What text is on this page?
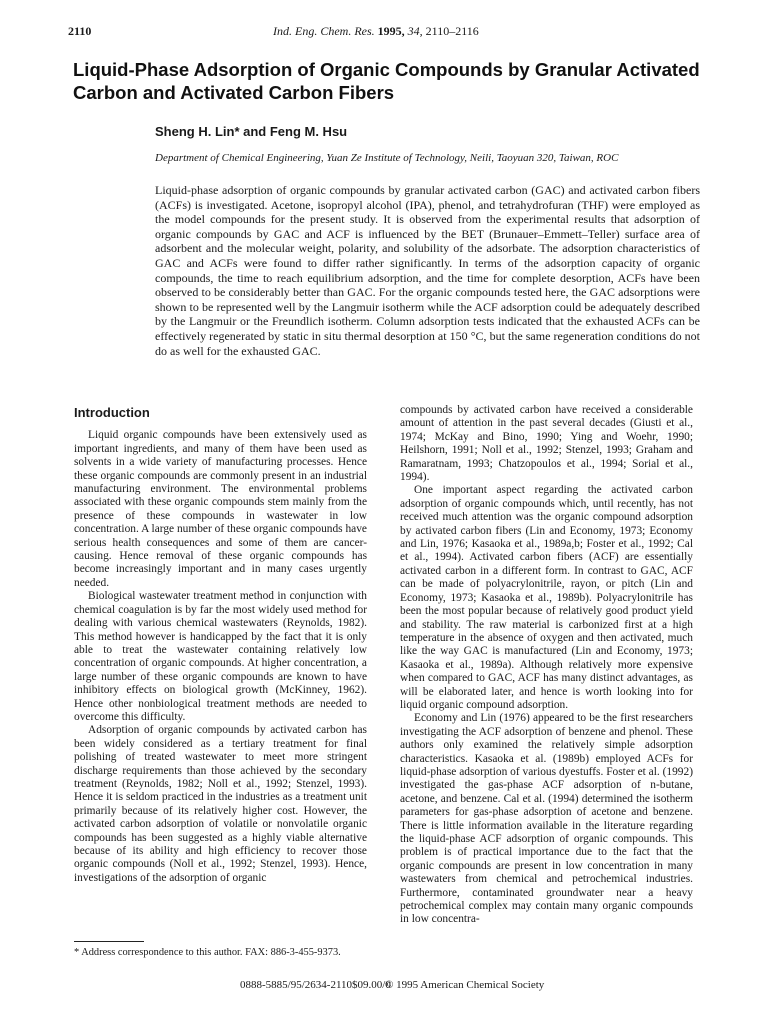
2110	Ind. Eng. Chem. Res. 1995, 34, 2110–2116
Liquid-Phase Adsorption of Organic Compounds by Granular Activated Carbon and Activated Carbon Fibers

Sheng H. Lin* and Feng M. Hsu

Department of Chemical Engineering, Yuan Ze Institute of Technology, Neili, Taoyuan 320, Taiwan, ROC

Liquid-phase adsorption of organic compounds by granular activated carbon (GAC) and activated carbon fibers (ACFs) is investigated. Acetone, isopropyl alcohol (IPA), phenol, and tetrahydrofuran (THF) were employed as the model compounds for the present study. It is observed from the experimental results that adsorption of organic compounds by GAC and ACF is influenced by the BET (Brunauer–Emmett–Teller) surface area of adsorbent and the molecular weight, polarity, and solubility of the adsorbate. The adsorption characteristics of GAC and ACFs were found to differ rather significantly. In terms of the adsorption capacity of organic compounds, the time to reach equilibrium adsorption, and the time for complete desorption, ACFs have been observed to be considerably better than GAC. For the organic compounds tested here, the GAC adsorptions were shown to be represented well by the Langmuir isotherm while the ACF adsorption could be adequately described by the Langmuir or the Freundlich isotherm. Column adsorption tests indicated that the exhausted ACFs can be effectively regenerated by static in situ thermal desorption at 150 °C, but the same regeneration conditions do not do as well for the exhausted GAC.

Introduction

Liquid organic compounds have been extensively used as important ingredients, and many of them have been used as solvents in a wide variety of manufacturing processes. Hence these organic compounds are commonly present in an industrial manufacturing environment. The environmental problems associated with these organic compounds stem mainly from the presence of these compounds in wastewater in low concentration. A large number of these organic compounds have serious health consequences and some of them are cancer-causing. Hence removal of these organic compounds has become increasingly important and in many cases urgently needed.

Biological wastewater treatment method in conjunction with chemical coagulation is by far the most widely used method for dealing with various chemical wastewaters (Reynolds, 1982). This method however is handicapped by the fact that it is only able to treat the wastewater containing relatively low concentration of organic compounds. At higher concentration, a large number of these organic compounds are known to have inhibitory effects on biological growth (McKinney, 1962). Hence other nonbiological treatment methods are needed to overcome this difficulty.

Adsorption of organic compounds by activated carbon has been widely considered as a tertiary treatment for final polishing of treated wastewater to meet more stringent discharge requirements than those achieved by the secondary treatment (Reynolds, 1982; Noll et al., 1992; Stenzel, 1993). Hence it is seldom practiced in the industries as a treatment unit primarily because of its relatively higher cost. However, the activated carbon adsorption of volatile or nonvolatile organic compounds has been suggested as a highly viable alternative because of its ability and high efficiency to recover those organic compounds (Noll et al., 1992; Stenzel, 1993). Hence, investigations of the adsorption of organic

compounds by activated carbon have received a considerable amount of attention in the past several decades (Giusti et al., 1974; McKay and Bino, 1990; Ying and Woehr, 1990; Heilshorn, 1991; Noll et al., 1992; Stenzel, 1993; Graham and Ramaratnam, 1993; Chatzopoulos et al., 1994; Sorial et al., 1994).

One important aspect regarding the activated carbon adsorption of organic compounds which, until recently, has not received much attention was the organic compound adsorption by activated carbon fibers (Lin and Economy, 1973; Economy and Lin, 1976; Kasaoka et al., 1989a,b; Foster et al., 1992; Cal et al., 1994). Activated carbon fibers (ACF) are essentially activated carbon in a different form. In contrast to GAC, ACF can be made of polyacrylonitrile, rayon, or pitch (Lin and Economy, 1973; Kasaoka et al., 1989b). Polyacrylonitrile has been the most popular because of relatively good product yield and stability. The raw material is carbonized first at a high temperature in the absence of oxygen and then activated, much like the way GAC is manufactured (Lin and Economy, 1973; Kasaoka et al., 1989a). Although relatively more expensive when compared to GAC, ACF has many distinct advantages, as will be elaborated later, and hence is worth looking into for liquid organic compound adsorption.

Economy and Lin (1976) appeared to be the first researchers investigating the ACF adsorption of benzene and phenol. These authors only examined the relatively simple adsorption characteristics. Kasaoka et al. (1989b) employed ACFs for liquid-phase adsorption of various dyestuffs. Foster et al. (1992) investigated the gas-phase ACF adsorption of n-butane, acetone, and benzene. Cal et al. (1994) determined the isotherm parameters for gas-phase adsorption of acetone and benzene. There is little information available in the literature regarding the liquid-phase ACF adsorption of organic compounds. This problem is of practical importance due to the fact that the organic compounds are present in low concentration in many wastewaters from chemical and petrochemical industries. Furthermore, contaminated groundwater near a heavy petrochemical complex may contain many organic compounds in low concentra-

* Address correspondence to this author. FAX: 886-3-455-9373.

0888-5885/95/2634-2110$09.00/0
© 1995 American Chemical Society
